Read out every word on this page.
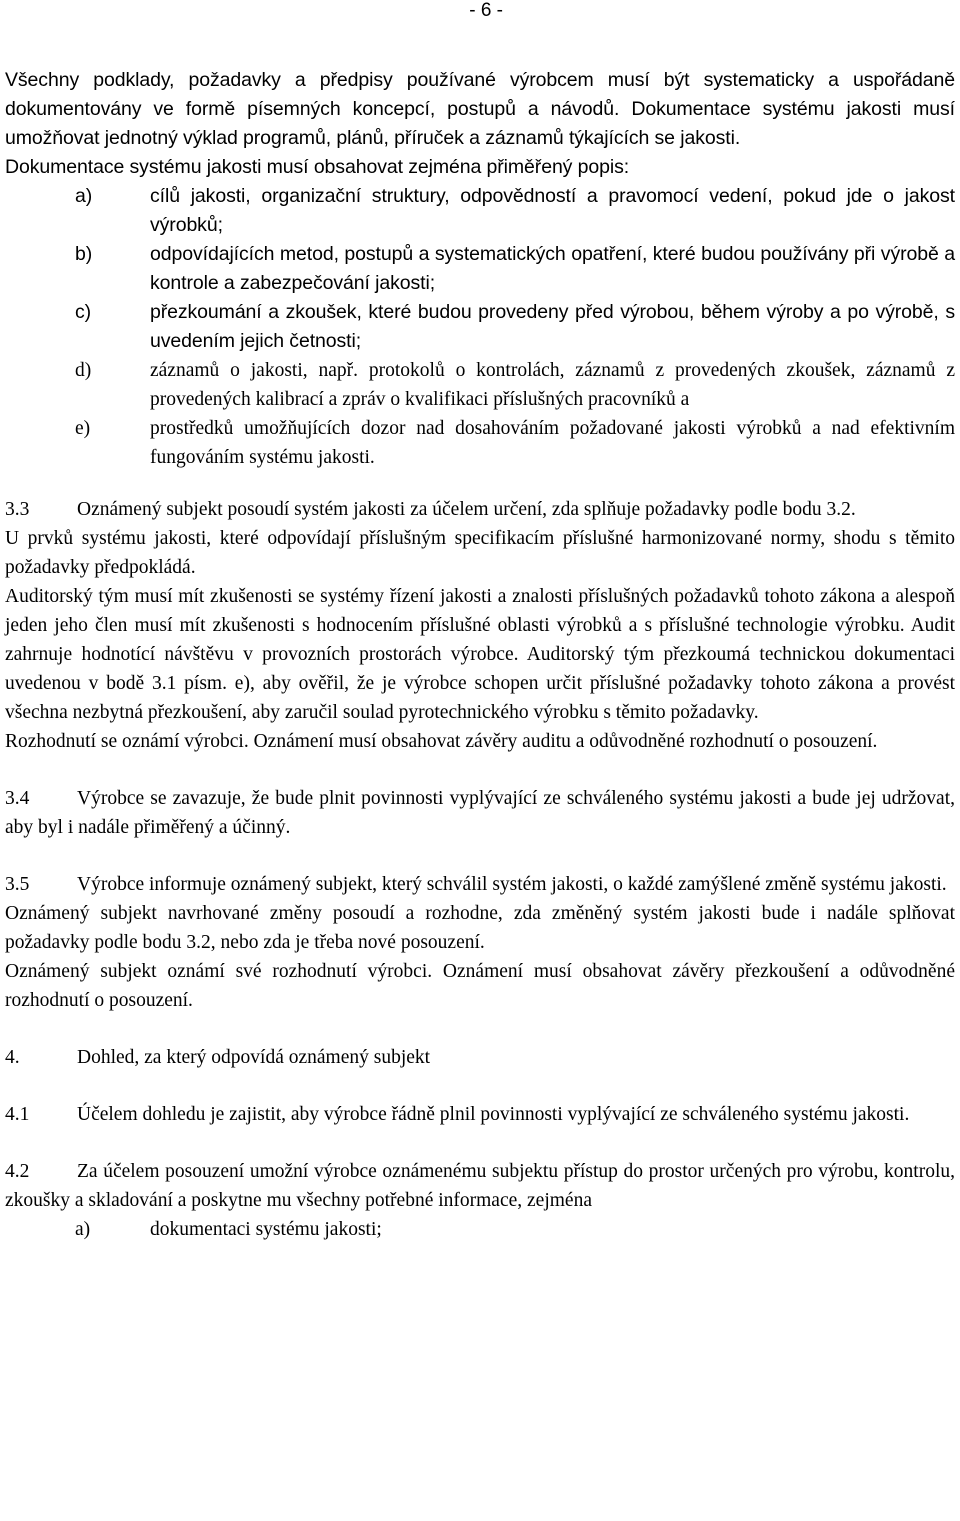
- 6 -

Všechny podklady, požadavky a předpisy používané výrobcem musí být systematicky a uspořádaně dokumentovány ve formě písemných koncepcí, postupů a návodů. Dokumentace systému jakosti musí umožňovat jednotný výklad programů, plánů, příruček a záznamů týkajících se jakosti.

Dokumentace systému jakosti musí obsahovat zejména přiměřený popis:

a)	cílů jakosti, organizační struktury, odpovědností a pravomocí vedení, pokud jde o jakost výrobků;
b)	odpovídajících metod, postupů a systematických opatření, které budou používány při výrobě a kontrole a zabezpečování jakosti;
c)	přezkoumání a zkoušek, které budou provedeny před výrobou, během výroby a po výrobě, s uvedením jejich četnosti;
d)	záznamů o jakosti, např. protokolů o kontrolách, záznamů z provedených zkoušek, záznamů z provedených kalibrací a zpráv o kvalifikaci příslušných pracovníků a
e)	prostředků umožňujících dozor nad dosahováním požadované jakosti výrobků a nad efektivním fungováním systému jakosti.

3.3 Oznámený subjekt posoudí systém jakosti za účelem určení, zda splňuje požadavky podle bodu 3.2.

U prvků systému jakosti, které odpovídají příslušným specifikacím příslušné harmonizované normy, shodu s těmito požadavky předpokládá.

Auditorský tým musí mít zkušenosti se systémy řízení jakosti a znalosti příslušných požadavků tohoto zákona a alespoň jeden jeho člen musí mít zkušenosti s hodnocením příslušné oblasti výrobků a s příslušné technologie výrobku. Audit zahrnuje hodnotící návštěvu v provozních prostorách výrobce. Auditorský tým přezkoumá technickou dokumentaci uvedenou v bodě 3.1 písm. e), aby ověřil, že je výrobce schopen určit příslušné požadavky tohoto zákona a provést všechna nezbytná přezkoušení, aby zaručil soulad pyrotechnického výrobku s těmito požadavky.

Rozhodnutí se oznámí výrobci. Oznámení musí obsahovat závěry auditu a odůvodněné rozhodnutí o posouzení.

3.4 Výrobce se zavazuje, že bude plnit povinnosti vyplývající ze schváleného systému jakosti a bude jej udržovat, aby byl i nadále přiměřený a účinný.

3.5 Výrobce informuje oznámený subjekt, který schválil systém jakosti, o každé zamýšlené změně systému jakosti.

Oznámený subjekt navrhované změny posoudí a rozhodne, zda změněný systém jakosti bude i nadále splňovat požadavky podle bodu 3.2, nebo zda je třeba nové posouzení.

Oznámený subjekt oznámí své rozhodnutí výrobci. Oznámení musí obsahovat závěry přezkoušení a odůvodněné rozhodnutí o posouzení.

4.	Dohled, za který odpovídá oznámený subjekt

4.1 Účelem dohledu je zajistit, aby výrobce řádně plnil povinnosti vyplývající ze schváleného systému jakosti.

4.2 Za účelem posouzení umožní výrobce oznámenému subjektu přístup do prostor určených pro výrobu, kontrolu, zkoušky a skladování a poskytne mu všechny potřebné informace, zejména

a)	dokumentaci systému jakosti;
